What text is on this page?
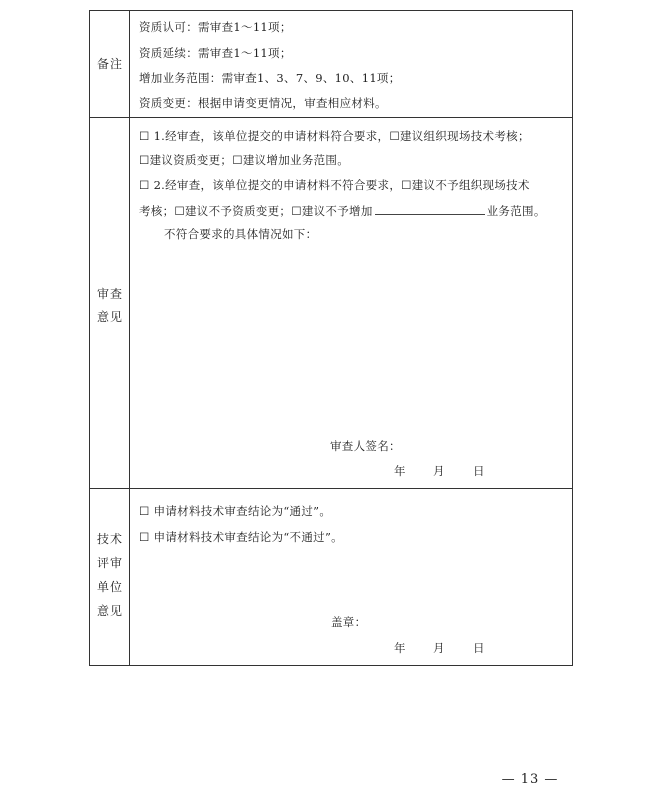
备注
资质认可：需审查1～11项；
资质延续：需审查1～11项；
增加业务范围：需审查1、3、7、9、10、11项；
资质变更：根据申请变更情况，审查相应材料。
审查
意见
☐ 1.经审查，该单位提交的申请材料符合要求，☐建议组织现场技术考核；
☐建议资质变更；☐建议增加业务范围。
☐ 2.经审查，该单位提交的申请材料不符合要求，☐建议不予组织现场技术
考核；☐建议不予资质变更；☐建议不予增加	业务范围。
不符合要求的具体情况如下：
审查人签名：
年 月 日
技术
评审
单位
意见
☐ 申请材料技术审查结论为“通过”。
☐ 申请材料技术审查结论为“不通过”。
盖章：
年 月 日
— 13 —
